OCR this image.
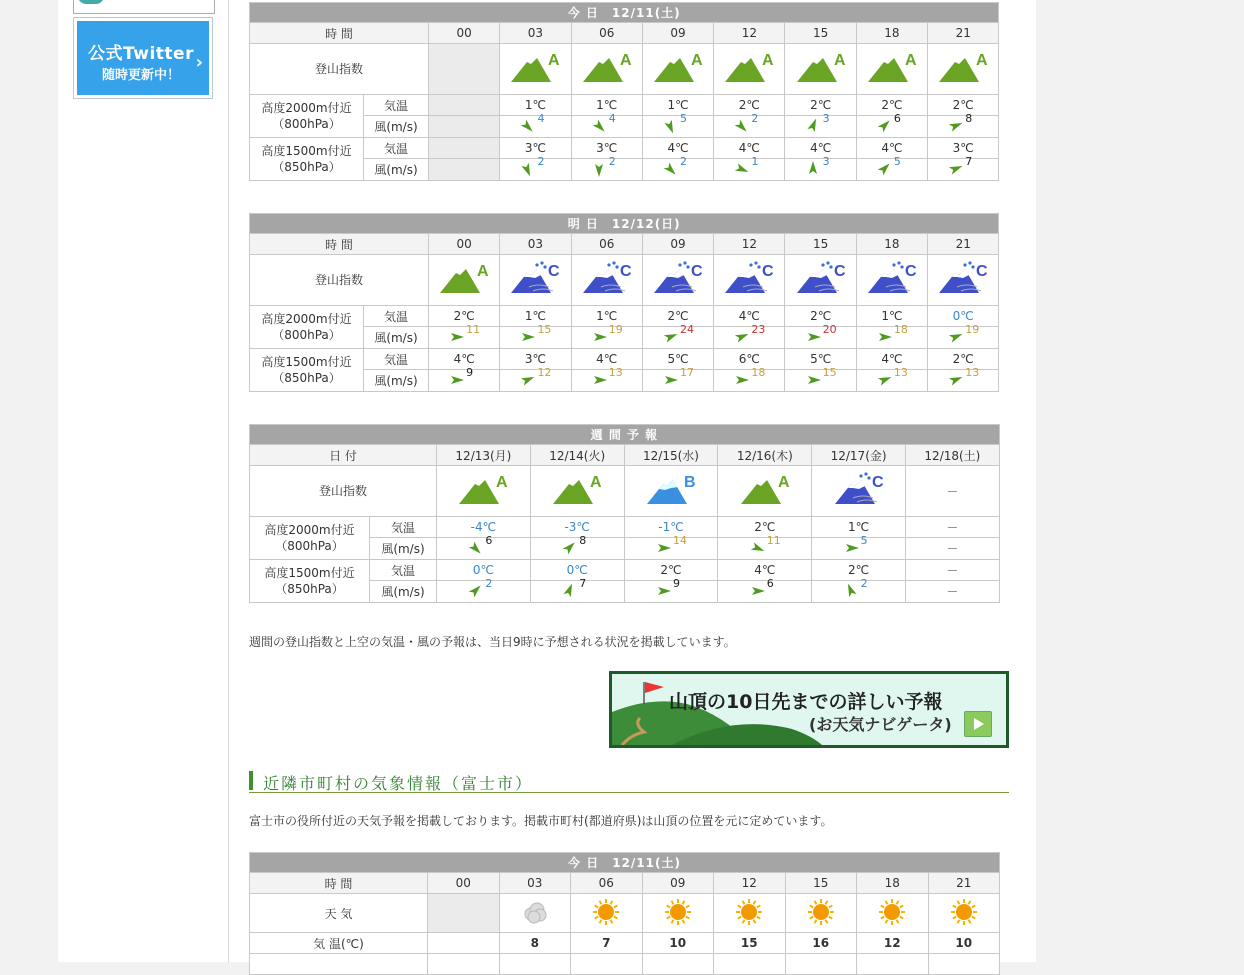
公式Twitter
随時更新中！
›
今 日　12/11(土)									
時 間		00	03	06	09	12	15	18	21
登山指数			A	A	A	A	A	A	A

高度2000m付近
（800hPa）	気温		1℃	1℃	1℃	2℃	2℃	2℃	2℃
	風(m/s)		4	4	5	2	3	6	8

高度1500m付近
（850hPa）	気温		3℃	3℃	4℃	4℃	4℃	4℃	3℃
	風(m/s)		2	2	2	1	3	5	7
明 日　12/12(日)									
時 間		00	03	06	09	12	15	18	21
登山指数		A	C	C	C	C	C	C	C

高度2000m付近
（800hPa）	気温	2℃	1℃	1℃	2℃	4℃	2℃	1℃	0℃
	風(m/s)	11	15	19	24	23	20	18	19

高度1500m付近
（850hPa）	気温	4℃	3℃	4℃	5℃	6℃	5℃	4℃	2℃
	風(m/s)	9	12	13	17	18	15	13	13
週 間 予 報							
日 付		12/13(月)	12/14(火)	12/15(水)	12/16(木)	12/17(金)	12/18(土)
登山指数		A	A	B	A	C	－
高度2000m付近
（800hPa）	気温	-4℃	-3℃	-1℃	2℃	1℃	－
	風(m/s)	6	8	14	11	5	－
高度1500m付近
（850hPa）	気温	0℃	0℃	2℃	4℃	2℃	－
	風(m/s)	2	7	9	6	2	－
週間の登山指数と上空の気温・風の予報は、当日9時に予想される状況を掲載しています。
山頂の10日先までの詳しい予報
(お天気ナビゲータ)
近隣市町村の気象情報（富士市）
富士市の役所付近の天気予報を掲載しております。掲載市町村(都道府県)は山頂の位置を元に定めています。
今 日　12/11(土)								
時 間	00	03	06	09	12	15	18	21
天 気								
気 温(℃)		8	7	10	15	16	12	10
